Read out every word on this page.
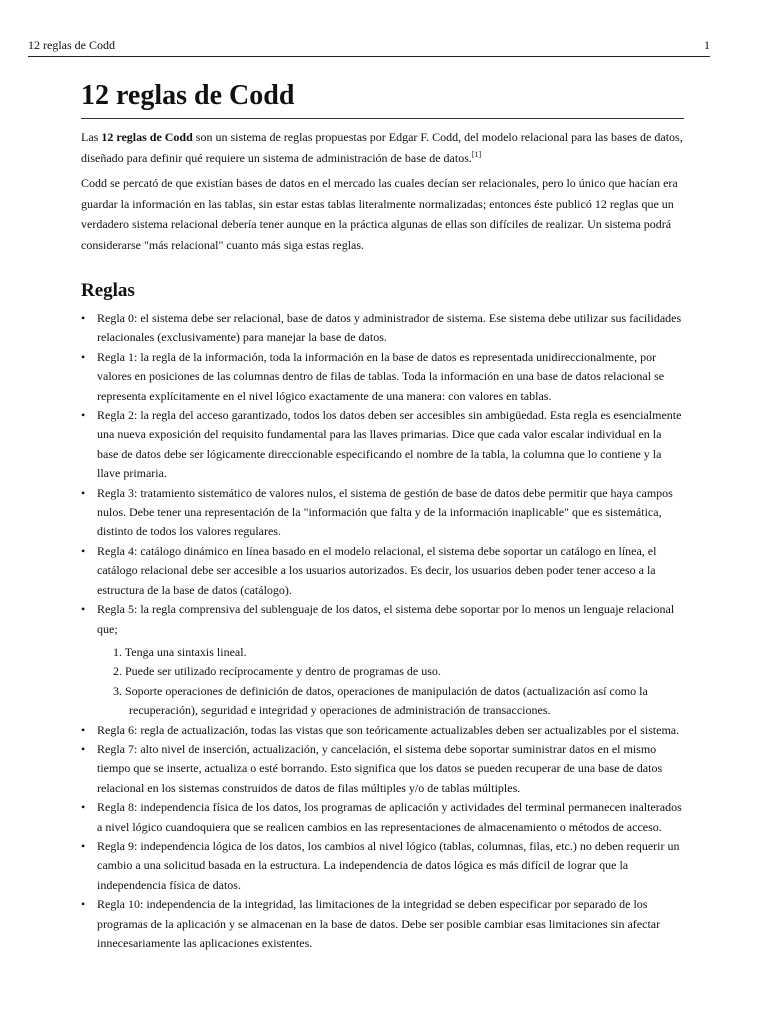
12 reglas de Codd	1
12 reglas de Codd

Las 12 reglas de Codd son un sistema de reglas propuestas por Edgar F. Codd, del modelo relacional para las bases de datos, diseñado para definir qué requiere un sistema de administración de base de datos.[1]

Codd se percató de que existían bases de datos en el mercado las cuales decían ser relacionales, pero lo único que hacían era guardar la información en las tablas, sin estar estas tablas literalmente normalizadas; entonces éste publicó 12 reglas que un verdadero sistema relacional debería tener aunque en la práctica algunas de ellas son difíciles de realizar. Un sistema podrá considerarse "más relacional" cuanto más siga estas reglas.

Reglas
• Regla 0: el sistema debe ser relacional, base de datos y administrador de sistema. Ese sistema debe utilizar sus facilidades relacionales (exclusivamente) para manejar la base de datos.
• Regla 1: la regla de la información, toda la información en la base de datos es representada unidireccionalmente, por valores en posiciones de las columnas dentro de filas de tablas. Toda la información en una base de datos relacional se representa explícitamente en el nivel lógico exactamente de una manera: con valores en tablas.
• Regla 2: la regla del acceso garantizado, todos los datos deben ser accesibles sin ambigüedad. Esta regla es esencialmente una nueva exposición del requisito fundamental para las llaves primarias. Dice que cada valor escalar individual en la base de datos debe ser lógicamente direccionable especificando el nombre de la tabla, la columna que lo contiene y la llave primaria.
• Regla 3: tratamiento sistemático de valores nulos, el sistema de gestión de base de datos debe permitir que haya campos nulos. Debe tener una representación de la "información que falta y de la información inaplicable" que es sistemática, distinto de todos los valores regulares.
• Regla 4: catálogo dinámico en línea basado en el modelo relacional, el sistema debe soportar un catálogo en línea, el catálogo relacional debe ser accesible a los usuarios autorizados. Es decir, los usuarios deben poder tener acceso a la estructura de la base de datos (catálogo).
• Regla 5: la regla comprensiva del sublenguaje de los datos, el sistema debe soportar por lo menos un lenguaje relacional que;
1. Tenga una sintaxis lineal.
2. Puede ser utilizado recíprocamente y dentro de programas de uso.
3. Soporte operaciones de definición de datos, operaciones de manipulación de datos (actualización así como la recuperación), seguridad e integridad y operaciones de administración de transacciones.
• Regla 6: regla de actualización, todas las vistas que son teóricamente actualizables deben ser actualizables por el sistema.
• Regla 7: alto nivel de inserción, actualización, y cancelación, el sistema debe soportar suministrar datos en el mismo tiempo que se inserte, actualiza o esté borrando. Esto significa que los datos se pueden recuperar de una base de datos relacional en los sistemas construidos de datos de filas múltiples y/o de tablas múltiples.
• Regla 8: independencia física de los datos, los programas de aplicación y actividades del terminal permanecen inalterados a nivel lógico cuandoquiera que se realicen cambios en las representaciones de almacenamiento o métodos de acceso.
• Regla 9: independencia lógica de los datos, los cambios al nivel lógico (tablas, columnas, filas, etc.) no deben requerir un cambio a una solicitud basada en la estructura. La independencia de datos lógica es más difícil de lograr que la independencia física de datos.
• Regla 10: independencia de la integridad, las limitaciones de la integridad se deben especificar por separado de los programas de la aplicación y se almacenan en la base de datos. Debe ser posible cambiar esas limitaciones sin afectar innecesariamente las aplicaciones existentes.
